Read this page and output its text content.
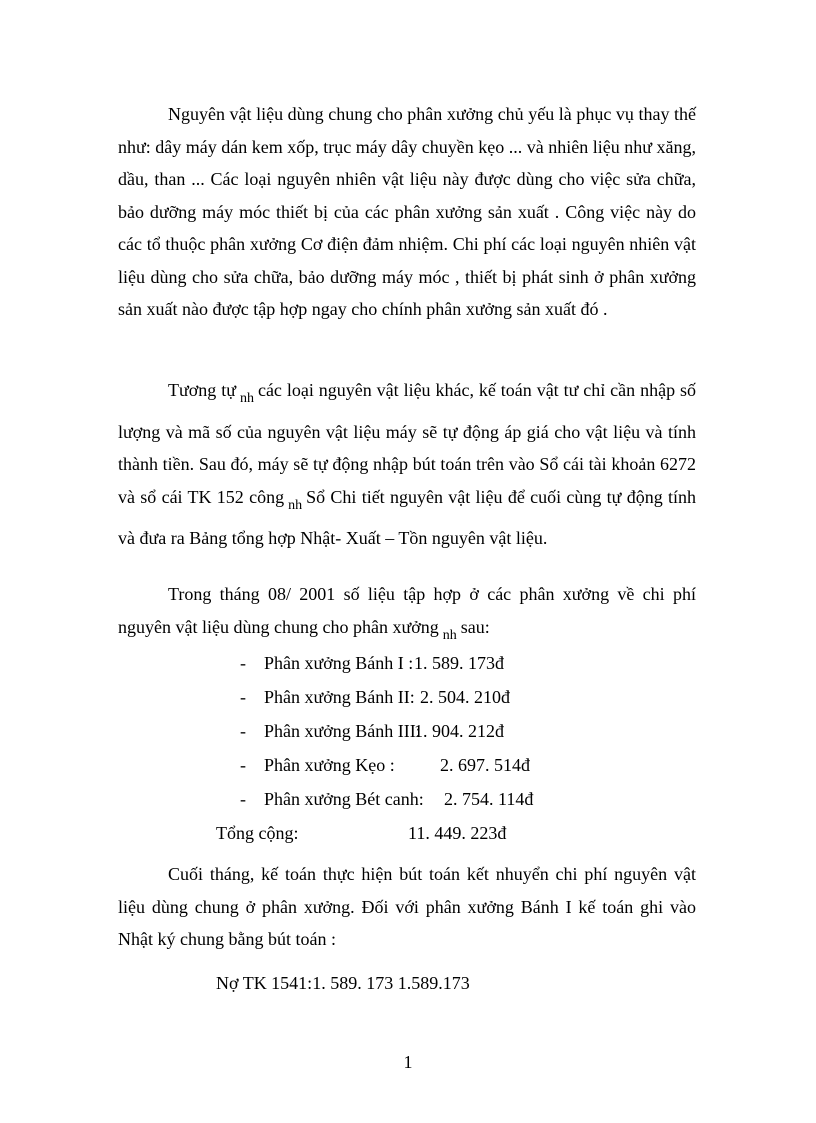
Nguyên vật liệu dùng chung cho phân xưởng chủ yếu là phục vụ thay thế như: dây máy dán kem xốp, trục máy dây chuyền kẹo ... và nhiên liệu như xăng, dầu, than ... Các loại nguyên nhiên vật liệu này được dùng cho việc sửa chữa, bảo dưỡng máy móc thiết bị của các phân xưởng sản xuất . Công việc này do các tổ thuộc phân xưởng Cơ điện đảm nhiệm. Chi phí các loại nguyên nhiên vật liệu dùng cho sửa chữa, bảo dưỡng máy móc , thiết bị phát sinh ở phân xưởng sản xuất nào được tập hợp ngay cho chính phân xưởng sản xuất đó .

Tương tự $_{nh}$ các loại nguyên vật liệu khác, kế toán vật tư chỉ cần nhập số lượng và mã số của nguyên vật liệu máy sẽ tự động áp giá cho vật liệu và tính thành tiền. Sau đó, máy sẽ tự động nhập bút toán trên vào Sổ cái tài khoản 6272 và sổ cái TK 152 công $_{nh}$ Sổ Chi tiết nguyên vật liệu để cuối cùng tự động tính và đưa ra Bảng tổng hợp Nhật- Xuất – Tồn nguyên vật liệu.

Trong tháng 08/ 2001 số liệu tập hợp ở các phân xưởng về chi phí nguyên vật liệu dùng chung cho phân xưởng $_{nh}$ sau:

- Phân xưởng Bánh I :1. 589. 173đ
- Phân xưởng Bánh II: 2. 504. 210đ
- Phân xưởng Bánh III:1. 904. 212đ
- Phân xưởng Kẹo :	2. 697. 514đ
- Phân xưởng Bét canh: 2. 754. 114đ
Tổng cộng:	11. 449. 223đ

Cuối tháng, kế toán thực hiện bút toán kết nhuyển chi phí nguyên vật liệu dùng chung ở phân xưởng. Đối với phân xưởng Bánh I kế toán ghi vào Nhật ký chung bằng bút toán :

Nợ TK 1541:1. 589. 173 1.589.173
1
